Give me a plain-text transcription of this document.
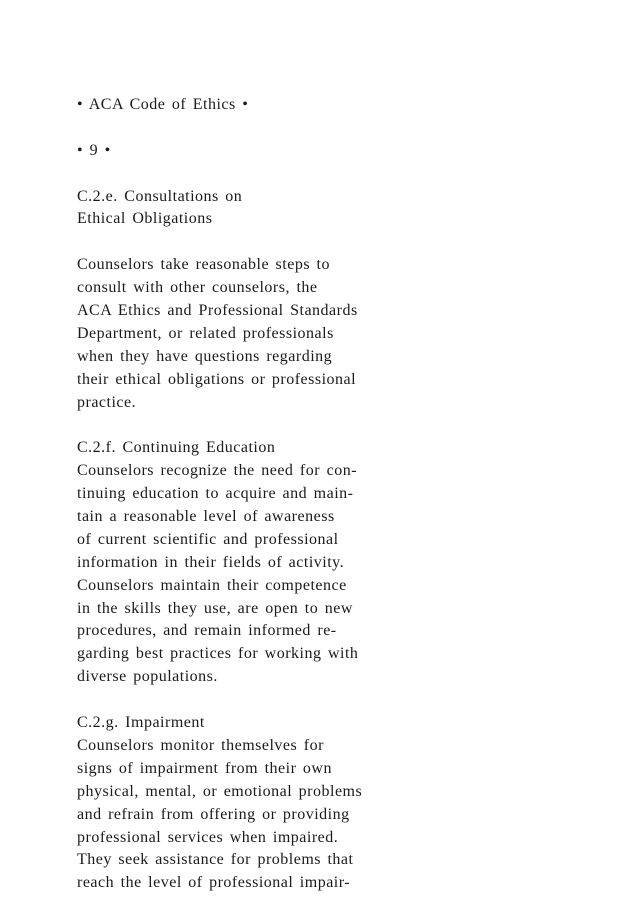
• ACA Code of Ethics •
• 9 •
C.2.e. Consultations on
Ethical Obligations
Counselors take reasonable steps to
consult with other counselors, the
ACA Ethics and Professional Standards
Department, or related professionals
when they have questions regarding
their ethical obligations or professional
practice.
C.2.f. Continuing Education
Counselors recognize the need for con-
tinuing education to acquire and main-
tain a reasonable level of awareness
of current scientific and professional
information in their fields of activity.
Counselors maintain their competence
in the skills they use, are open to new
procedures, and remain informed re-
garding best practices for working with
diverse populations.
C.2.g. Impairment
Counselors monitor themselves for
signs of impairment from their own
physical, mental, or emotional problems
and refrain from offering or providing
professional services when impaired.
They seek assistance for problems that
reach the level of professional impair-
